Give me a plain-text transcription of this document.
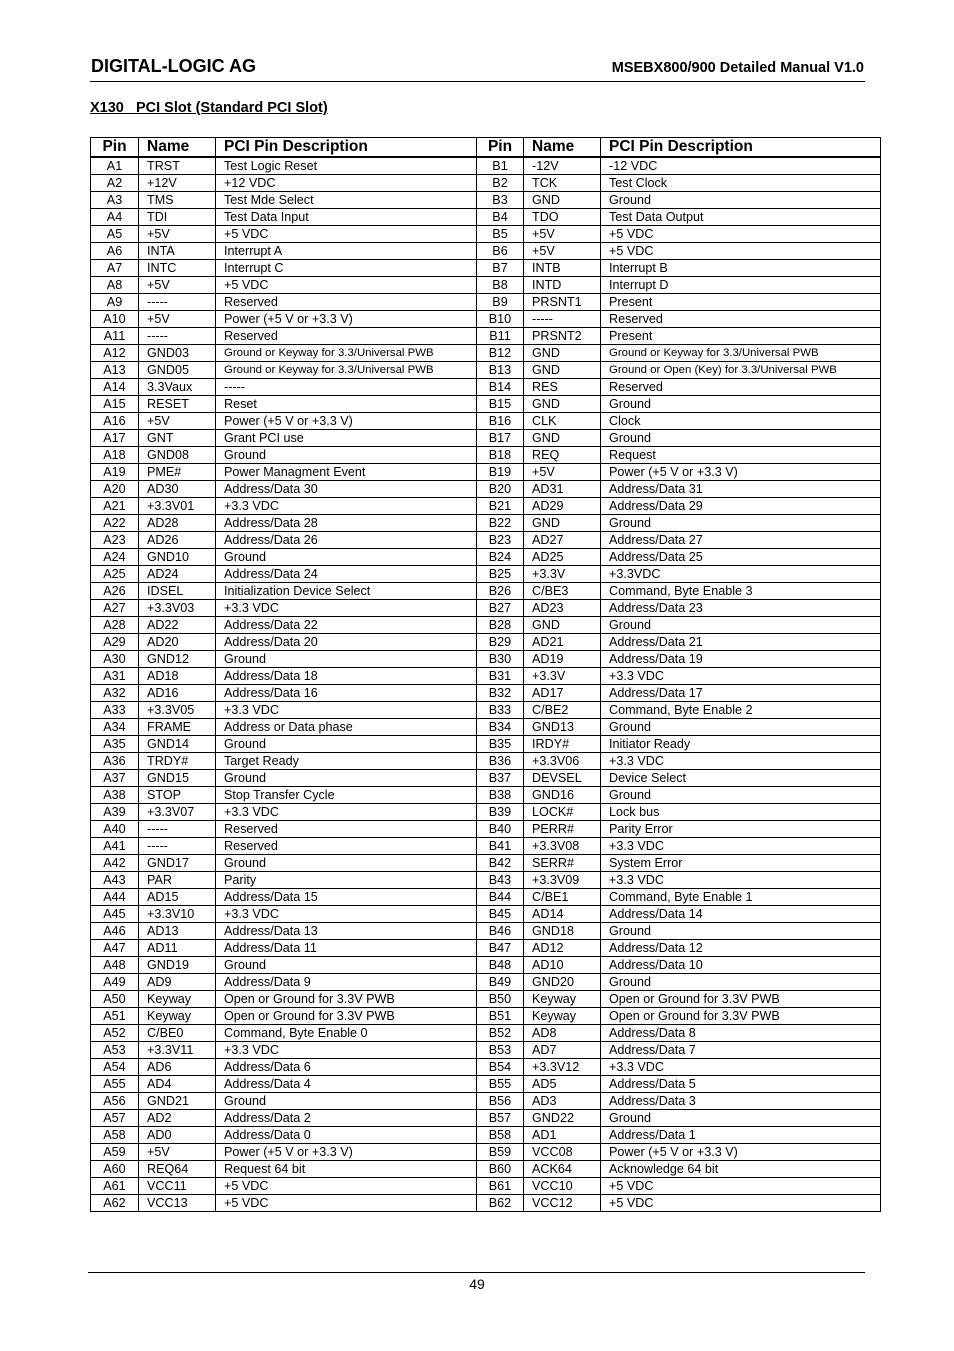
DIGITAL-LOGIC AG	MSEBX800/900 Detailed Manual V1.0
X130   PCI Slot (Standard PCI Slot)
Pin	Name	PCI Pin Description	Pin	Name	PCI Pin Description
A1	TRST	Test Logic Reset	B1	-12V	-12 VDC
A2	+12V	+12 VDC	B2	TCK	Test Clock
A3	TMS	Test Mde Select	B3	GND	Ground
A4	TDI	Test Data Input	B4	TDO	Test Data Output
A5	+5V	+5 VDC	B5	+5V	+5 VDC
A6	INTA	Interrupt A	B6	+5V	+5 VDC
A7	INTC	Interrupt C	B7	INTB	Interrupt B
A8	+5V	+5 VDC	B8	INTD	Interrupt D
A9	-----	Reserved	B9	PRSNT1	Present
A10	+5V	Power (+5 V or +3.3 V)	B10	-----	Reserved
A11	-----	Reserved	B11	PRSNT2	Present
A12	GND03	Ground or Keyway for 3.3/Universal PWB	B12	GND	Ground or Keyway for 3.3/Universal PWB
A13	GND05	Ground or Keyway for 3.3/Universal PWB	B13	GND	Ground or Open (Key) for 3.3/Universal PWB
A14	3.3Vaux	-----	B14	RES	Reserved
A15	RESET	Reset	B15	GND	Ground
A16	+5V	Power (+5 V or +3.3 V)	B16	CLK	Clock
A17	GNT	Grant PCI use	B17	GND	Ground
A18	GND08	Ground	B18	REQ	Request
A19	PME#	Power Managment Event	B19	+5V	Power (+5 V or +3.3 V)
A20	AD30	Address/Data 30	B20	AD31	Address/Data 31
A21	+3.3V01	+3.3 VDC	B21	AD29	Address/Data 29
A22	AD28	Address/Data 28	B22	GND	Ground
A23	AD26	Address/Data 26	B23	AD27	Address/Data 27
A24	GND10	Ground	B24	AD25	Address/Data 25
A25	AD24	Address/Data 24	B25	+3.3V	+3.3VDC
A26	IDSEL	Initialization Device Select	B26	C/BE3	Command, Byte Enable 3
A27	+3.3V03	+3.3 VDC	B27	AD23	Address/Data 23
A28	AD22	Address/Data 22	B28	GND	Ground
A29	AD20	Address/Data 20	B29	AD21	Address/Data 21
A30	GND12	Ground	B30	AD19	Address/Data 19
A31	AD18	Address/Data 18	B31	+3.3V	+3.3 VDC
A32	AD16	Address/Data 16	B32	AD17	Address/Data 17
A33	+3.3V05	+3.3 VDC	B33	C/BE2	Command, Byte Enable 2
A34	FRAME	Address or Data phase	B34	GND13	Ground
A35	GND14	Ground	B35	IRDY#	Initiator Ready
A36	TRDY#	Target Ready	B36	+3.3V06	+3.3 VDC
A37	GND15	Ground	B37	DEVSEL	Device Select
A38	STOP	Stop Transfer Cycle	B38	GND16	Ground
A39	+3.3V07	+3.3 VDC	B39	LOCK#	Lock bus
A40	-----	Reserved	B40	PERR#	Parity Error
A41	-----	Reserved	B41	+3.3V08	+3.3 VDC
A42	GND17	Ground	B42	SERR#	System Error
A43	PAR	Parity	B43	+3.3V09	+3.3 VDC
A44	AD15	Address/Data 15	B44	C/BE1	Command, Byte Enable 1
A45	+3.3V10	+3.3 VDC	B45	AD14	Address/Data 14
A46	AD13	Address/Data 13	B46	GND18	Ground
A47	AD11	Address/Data 11	B47	AD12	Address/Data 12
A48	GND19	Ground	B48	AD10	Address/Data 10
A49	AD9	Address/Data 9	B49	GND20	Ground
A50	Keyway	Open or Ground for 3.3V PWB	B50	Keyway	Open or Ground for 3.3V PWB
A51	Keyway	Open or Ground for 3.3V PWB	B51	Keyway	Open or Ground for 3.3V PWB
A52	C/BE0	Command, Byte Enable 0	B52	AD8	Address/Data 8
A53	+3.3V11	+3.3 VDC	B53	AD7	Address/Data 7
A54	AD6	Address/Data 6	B54	+3.3V12	+3.3 VDC
A55	AD4	Address/Data 4	B55	AD5	Address/Data 5
A56	GND21	Ground	B56	AD3	Address/Data 3
A57	AD2	Address/Data 2	B57	GND22	Ground
A58	AD0	Address/Data 0	B58	AD1	Address/Data 1
A59	+5V	Power (+5 V or +3.3 V)	B59	VCC08	Power (+5 V or +3.3 V)
A60	REQ64	Request 64 bit	B60	ACK64	Acknowledge 64 bit
A61	VCC11	+5 VDC	B61	VCC10	+5 VDC
A62	VCC13	+5 VDC	B62	VCC12	+5 VDC
49
